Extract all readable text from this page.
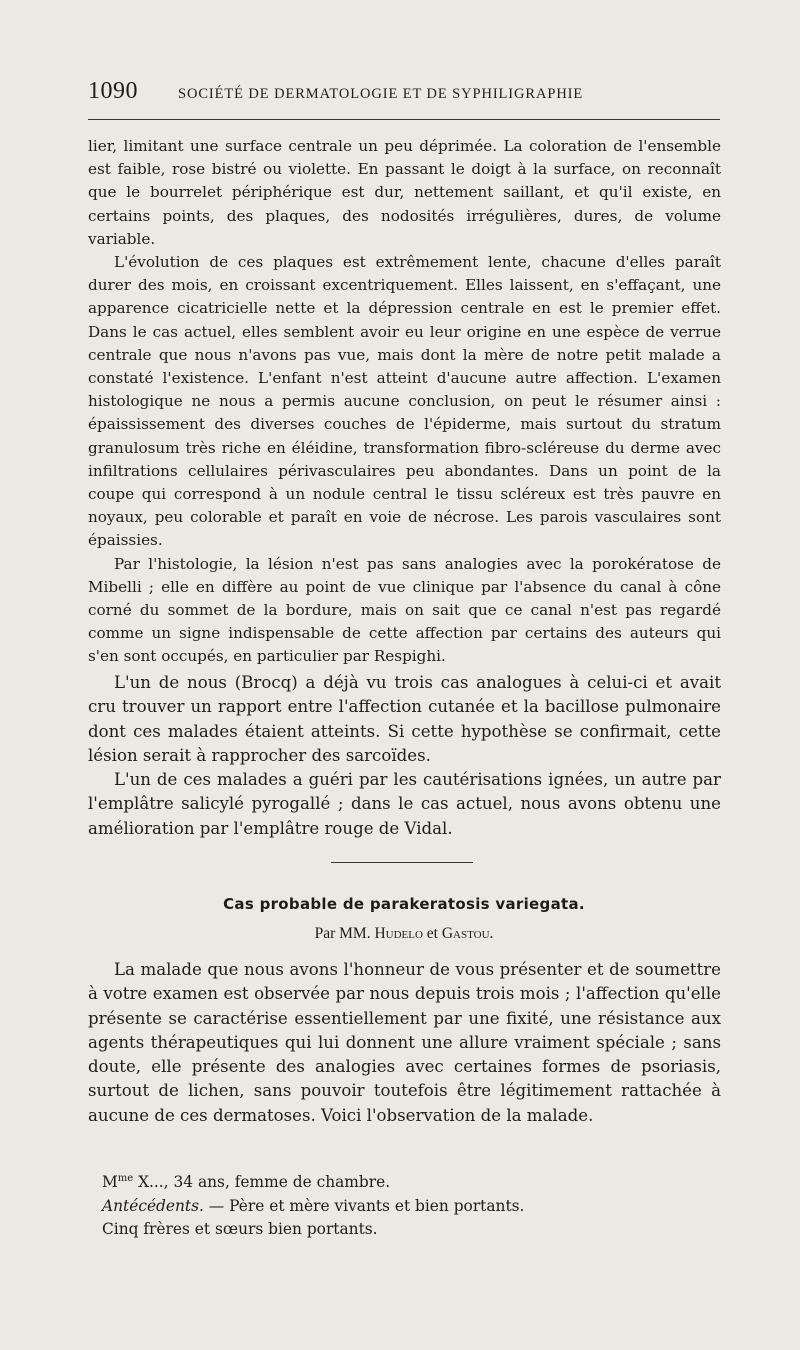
1090	SOCIÉTÉ DE DERMATOLOGIE ET DE SYPHILIGRAPHIE

lier, limitant une surface centrale un peu déprimée. La coloration de l'ensemble est faible, rose bistré ou violette. En passant le doigt à la surface, on reconnaît que le bourrelet périphérique est dur, nettement saillant, et qu'il existe, en certains points, des plaques, des nodosités irrégulières, dures, de volume variable.

L'évolution de ces plaques est extrêmement lente, chacune d'elles paraît durer des mois, en croissant excentriquement. Elles laissent, en s'effaçant, une apparence cicatricielle nette et la dépression centrale en est le premier effet. Dans le cas actuel, elles semblent avoir eu leur origine en une espèce de verrue centrale que nous n'avons pas vue, mais dont la mère de notre petit malade a constaté l'existence. L'enfant n'est atteint d'aucune autre affection. L'examen histologique ne nous a permis aucune conclusion, on peut le résumer ainsi : épaississement des diverses couches de l'épiderme, mais surtout du stratum granulosum très riche en éléidine, transformation fibro-scléreuse du derme avec infiltrations cellulaires périvasculaires peu abondantes. Dans un point de la coupe qui correspond à un nodule central le tissu scléreux est très pauvre en noyaux, peu colorable et paraît en voie de nécrose. Les parois vasculaires sont épaissies.

Par l'histologie, la lésion n'est pas sans analogies avec la porokératose de Mibelli ; elle en diffère au point de vue clinique par l'absence du canal à cône corné du sommet de la bordure, mais on sait que ce canal n'est pas regardé comme un signe indispensable de cette affection par certains des auteurs qui s'en sont occupés, en particulier par Respighi.

L'un de nous (Brocq) a déjà vu trois cas analogues à celui-ci et avait cru trouver un rapport entre l'affection cutanée et la bacillose pulmonaire dont ces malades étaient atteints. Si cette hypothèse se confirmait, cette lésion serait à rapprocher des sarcoïdes.

L'un de ces malades a guéri par les cautérisations ignées, un autre par l'emplâtre salicylé pyrogallé ; dans le cas actuel, nous avons obtenu une amélioration par l'emplâtre rouge de Vidal.

Cas probable de parakeratosis variegata.
Par MM. Hudelo et Gastou.

La malade que nous avons l'honneur de vous présenter et de soumettre à votre examen est observée par nous depuis trois mois ; l'affection qu'elle présente se caractérise essentiellement par une fixité, une résistance aux agents thérapeutiques qui lui donnent une allure vraiment spéciale ; sans doute, elle présente des analogies avec certaines formes de psoriasis, surtout de lichen, sans pouvoir toutefois être légitimement rattachée à aucune de ces dermatoses. Voici l'observation de la malade.

$M^{me}$ X..., 34 ans, femme de chambre.
Antécédents. — Père et mère vivants et bien portants.
Cinq frères et sœurs bien portants.
